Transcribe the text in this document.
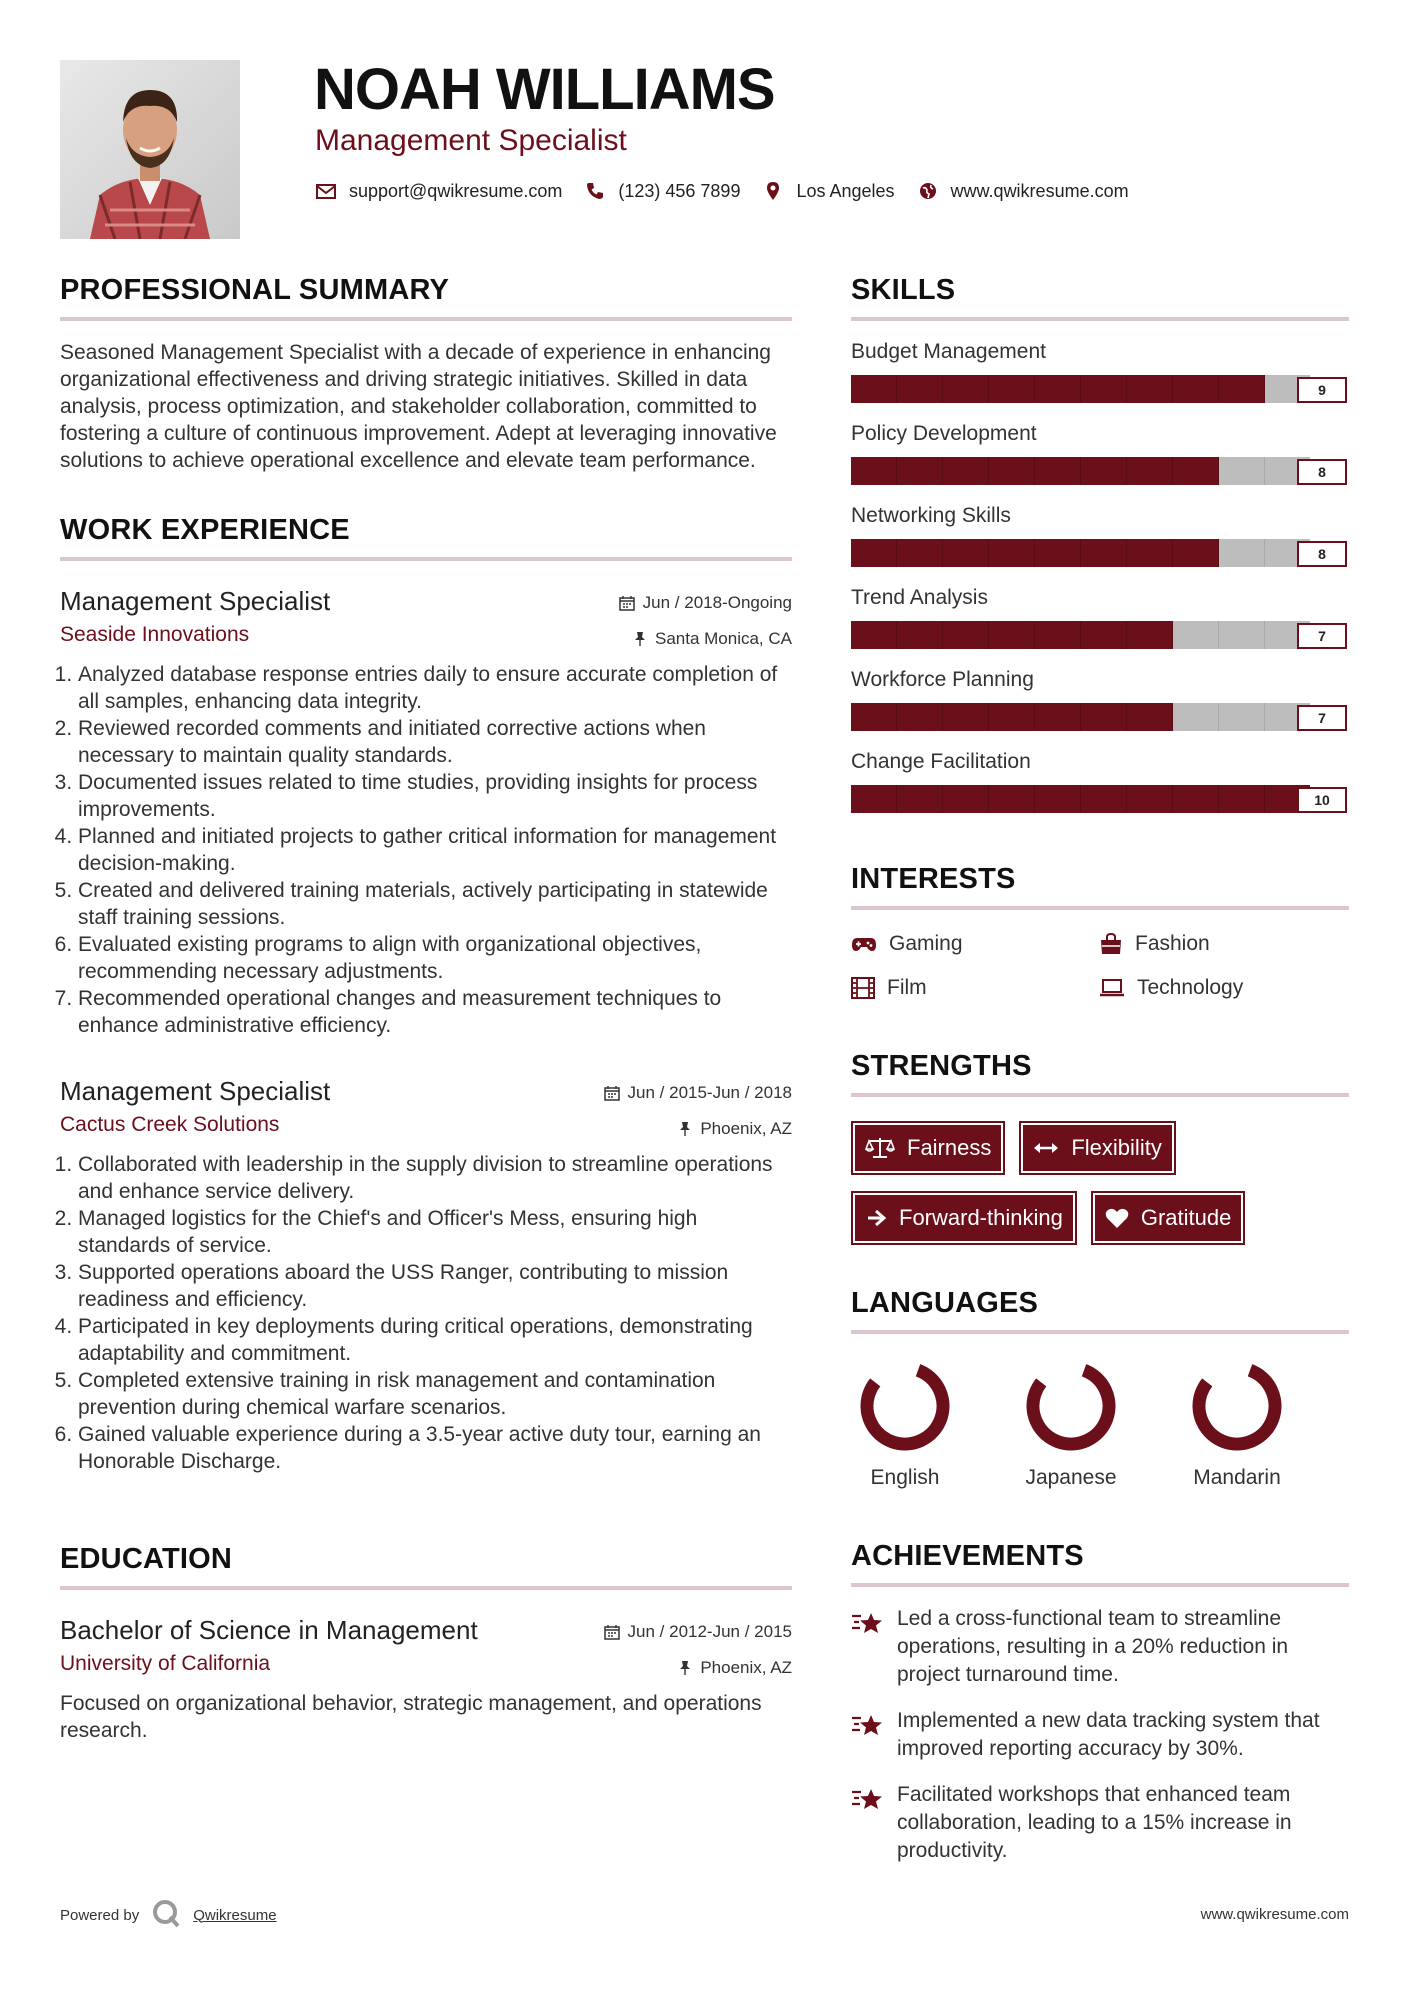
NOAH WILLIAMS
Management Specialist
support@qwikresume.com	(123) 456 7899	Los Angeles	www.qwikresume.com
PROFESSIONAL SUMMARY
Seasoned Management Specialist with a decade of experience in enhancing organizational effectiveness and driving strategic initiatives. Skilled in data analysis, process optimization, and stakeholder collaboration, committed to fostering a culture of continuous improvement. Adept at leveraging innovative solutions to achieve operational excellence and elevate team performance.
WORK EXPERIENCE
Management Specialist
Seaside Innovations
Jun / 2018-Ongoing
Santa Monica, CA
1. Analyzed database response entries daily to ensure accurate completion of all samples, enhancing data integrity.
2. Reviewed recorded comments and initiated corrective actions when necessary to maintain quality standards.
3. Documented issues related to time studies, providing insights for process improvements.
4. Planned and initiated projects to gather critical information for management decision-making.
5. Created and delivered training materials, actively participating in statewide staff training sessions.
6. Evaluated existing programs to align with organizational objectives, recommending necessary adjustments.
7. Recommended operational changes and measurement techniques to enhance administrative efficiency.
Management Specialist
Cactus Creek Solutions
Jun / 2015-Jun / 2018
Phoenix, AZ
1. Collaborated with leadership in the supply division to streamline operations and enhance service delivery.
2. Managed logistics for the Chief's and Officer's Mess, ensuring high standards of service.
3. Supported operations aboard the USS Ranger, contributing to mission readiness and efficiency.
4. Participated in key deployments during critical operations, demonstrating adaptability and commitment.
5. Completed extensive training in risk management and contamination prevention during chemical warfare scenarios.
6. Gained valuable experience during a 3.5-year active duty tour, earning an Honorable Discharge.
EDUCATION
Bachelor of Science in Management
University of California
Jun / 2012-Jun / 2015
Phoenix, AZ
Focused on organizational behavior, strategic management, and operations research.
SKILLS
Budget Management
9
Policy Development
8
Networking Skills
8
Trend Analysis
7
Workforce Planning
7
Change Facilitation
10
INTERESTS
Gaming	Fashion
Film	Technology
STRENGTHS
Fairness	Flexibility
Forward-thinking	Gratitude
LANGUAGES
English	Japanese	Mandarin
ACHIEVEMENTS
Led a cross-functional team to streamline operations, resulting in a 20% reduction in project turnaround time.
Implemented a new data tracking system that improved reporting accuracy by 30%.
Facilitated workshops that enhanced team collaboration, leading to a 15% increase in productivity.
Powered by	Qwikresume	www.qwikresume.com
